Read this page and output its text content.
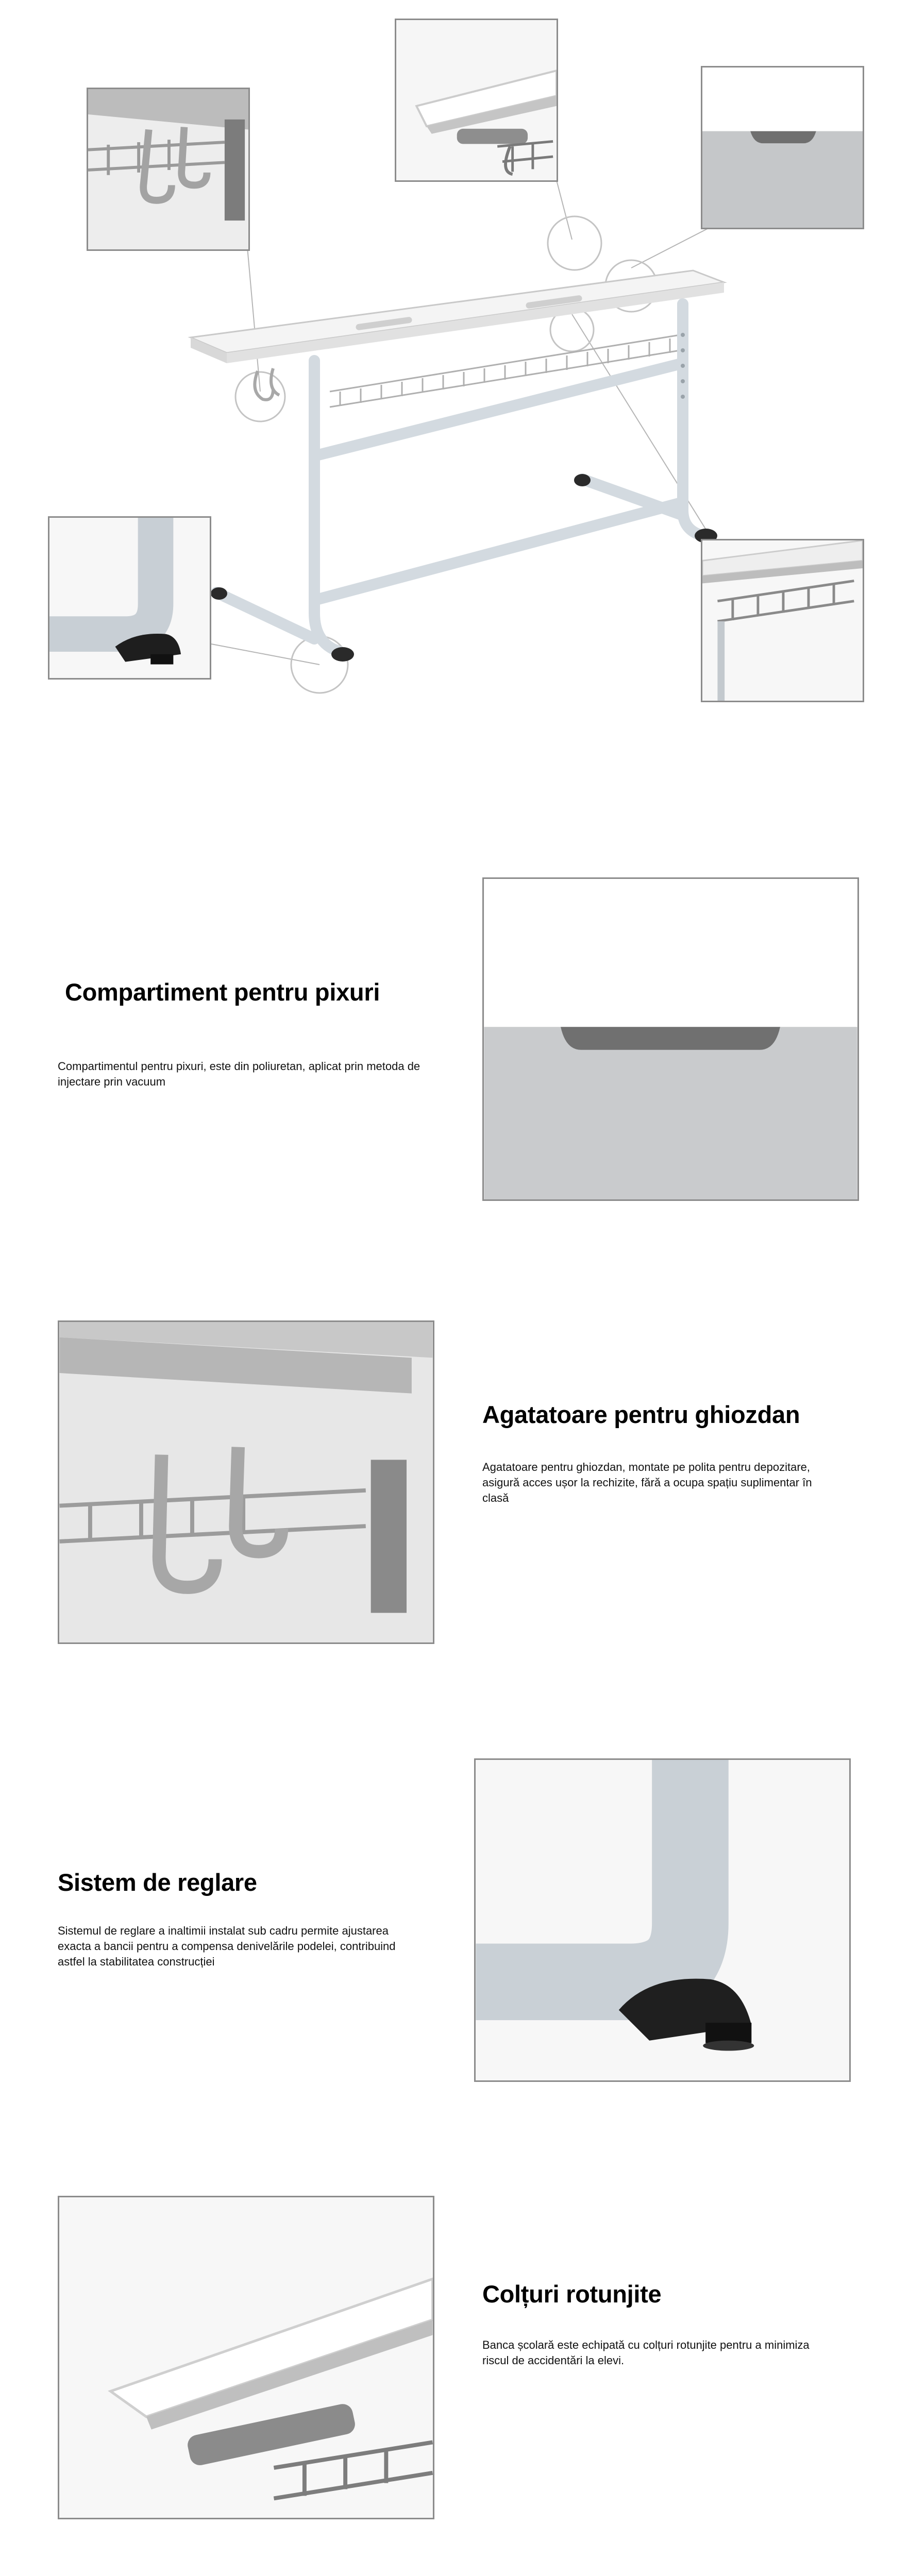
Compartiment pentru pixuri
Compartimentul pentru pixuri, este din poliuretan, aplicat prin metoda de injectare prin vacuum
Agatatoare pentru ghiozdan
Agatatoare pentru ghiozdan, montate pe polita pentru depozitare, asigură acces ușor la rechizite, fără a ocupa spațiu suplimentar în clasă
Sistem de reglare
Sistemul de reglare a inaltimii instalat sub cadru permite ajustarea exacta a bancii pentru a compensa denivelările podelei, contribuind astfel la stabilitatea construcției
Colțuri rotunjite
Banca școlară este echipată cu colțuri rotunjite pentru a minimiza riscul de accidentări la elevi.
